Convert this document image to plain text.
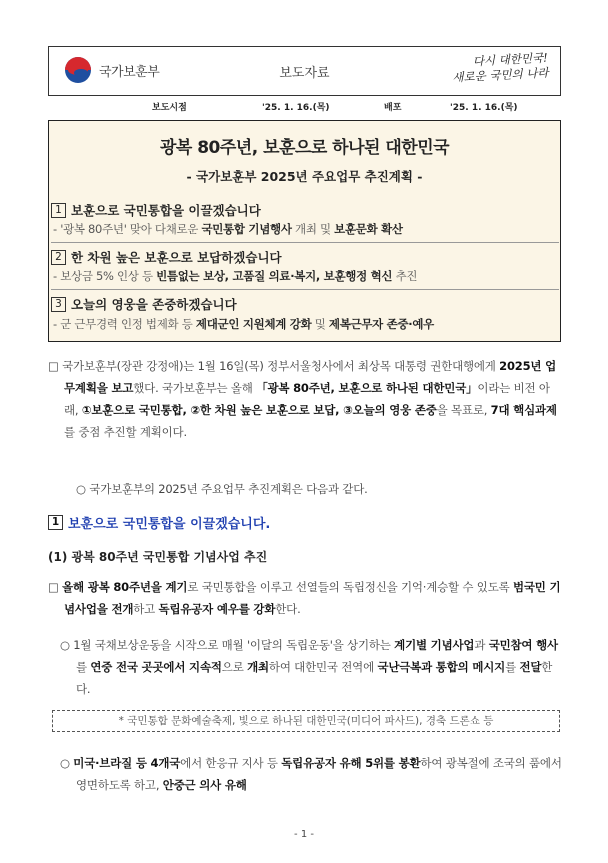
국가보훈부	보도자료
다시 대한민국!
새로운 국민의 나라
보도시점	'25. 1. 16.(목)	배포	'25. 1. 16.(목)
광복 80주년, 보훈으로 하나된 대한민국
- 국가보훈부 2025년 주요업무 추진계획 -
1 보훈으로 국민통합을 이끌겠습니다
- '광복 80주년' 맞아 다채로운 국민통합 기념행사 개최 및 보훈문화 확산
2 한 차원 높은 보훈으로 보답하겠습니다
- 보상금 5% 인상 등 빈틈없는 보상, 고품질 의료·복지, 보훈행정 혁신 추진
3 오늘의 영웅을 존중하겠습니다
- 군 근무경력 인정 법제화 등 제대군인 지원체계 강화 및 제복근무자 존중·예우
□ 국가보훈부(장관 강정애)는 1월 16일(목) 정부서울청사에서 최상목 대통령 권한대행에게 2025년 업무계획을 보고했다. 국가보훈부는 올해 「광복 80주년, 보훈으로 하나된 대한민국」이라는 비전 아래, ①보훈으로 국민통합, ②한 차원 높은 보훈으로 보답, ③오늘의 영웅 존중을 목표로, 7대 핵심과제를 중점 추진할 계획이다.
○ 국가보훈부의 2025년 주요업무 추진계획은 다음과 같다.
1 보훈으로 국민통합을 이끌겠습니다.
(1) 광복 80주년 국민통합 기념사업 추진
□ 올해 광복 80주년을 계기로 국민통합을 이루고 선열들의 독립정신을 기억·계승할 수 있도록 범국민 기념사업을 전개하고 독립유공자 예우를 강화한다.
○ 1월 국채보상운동을 시작으로 매월 '이달의 독립운동'을 상기하는 계기별 기념사업과 국민참여 행사를 연중 전국 곳곳에서 지속적으로 개최하여 대한민국 전역에 국난극복과 통합의 메시지를 전달한다.
* 국민통합 문화예술축제, 빛으로 하나된 대한민국(미디어 파사드), 경축 드론쇼 등
○ 미국·브라질 등 4개국에서 한응규 지사 등 독립유공자 유해 5위를 봉환하여 광복절에 조국의 품에서 영면하도록 하고, 안중근 의사 유해
- 1 -
